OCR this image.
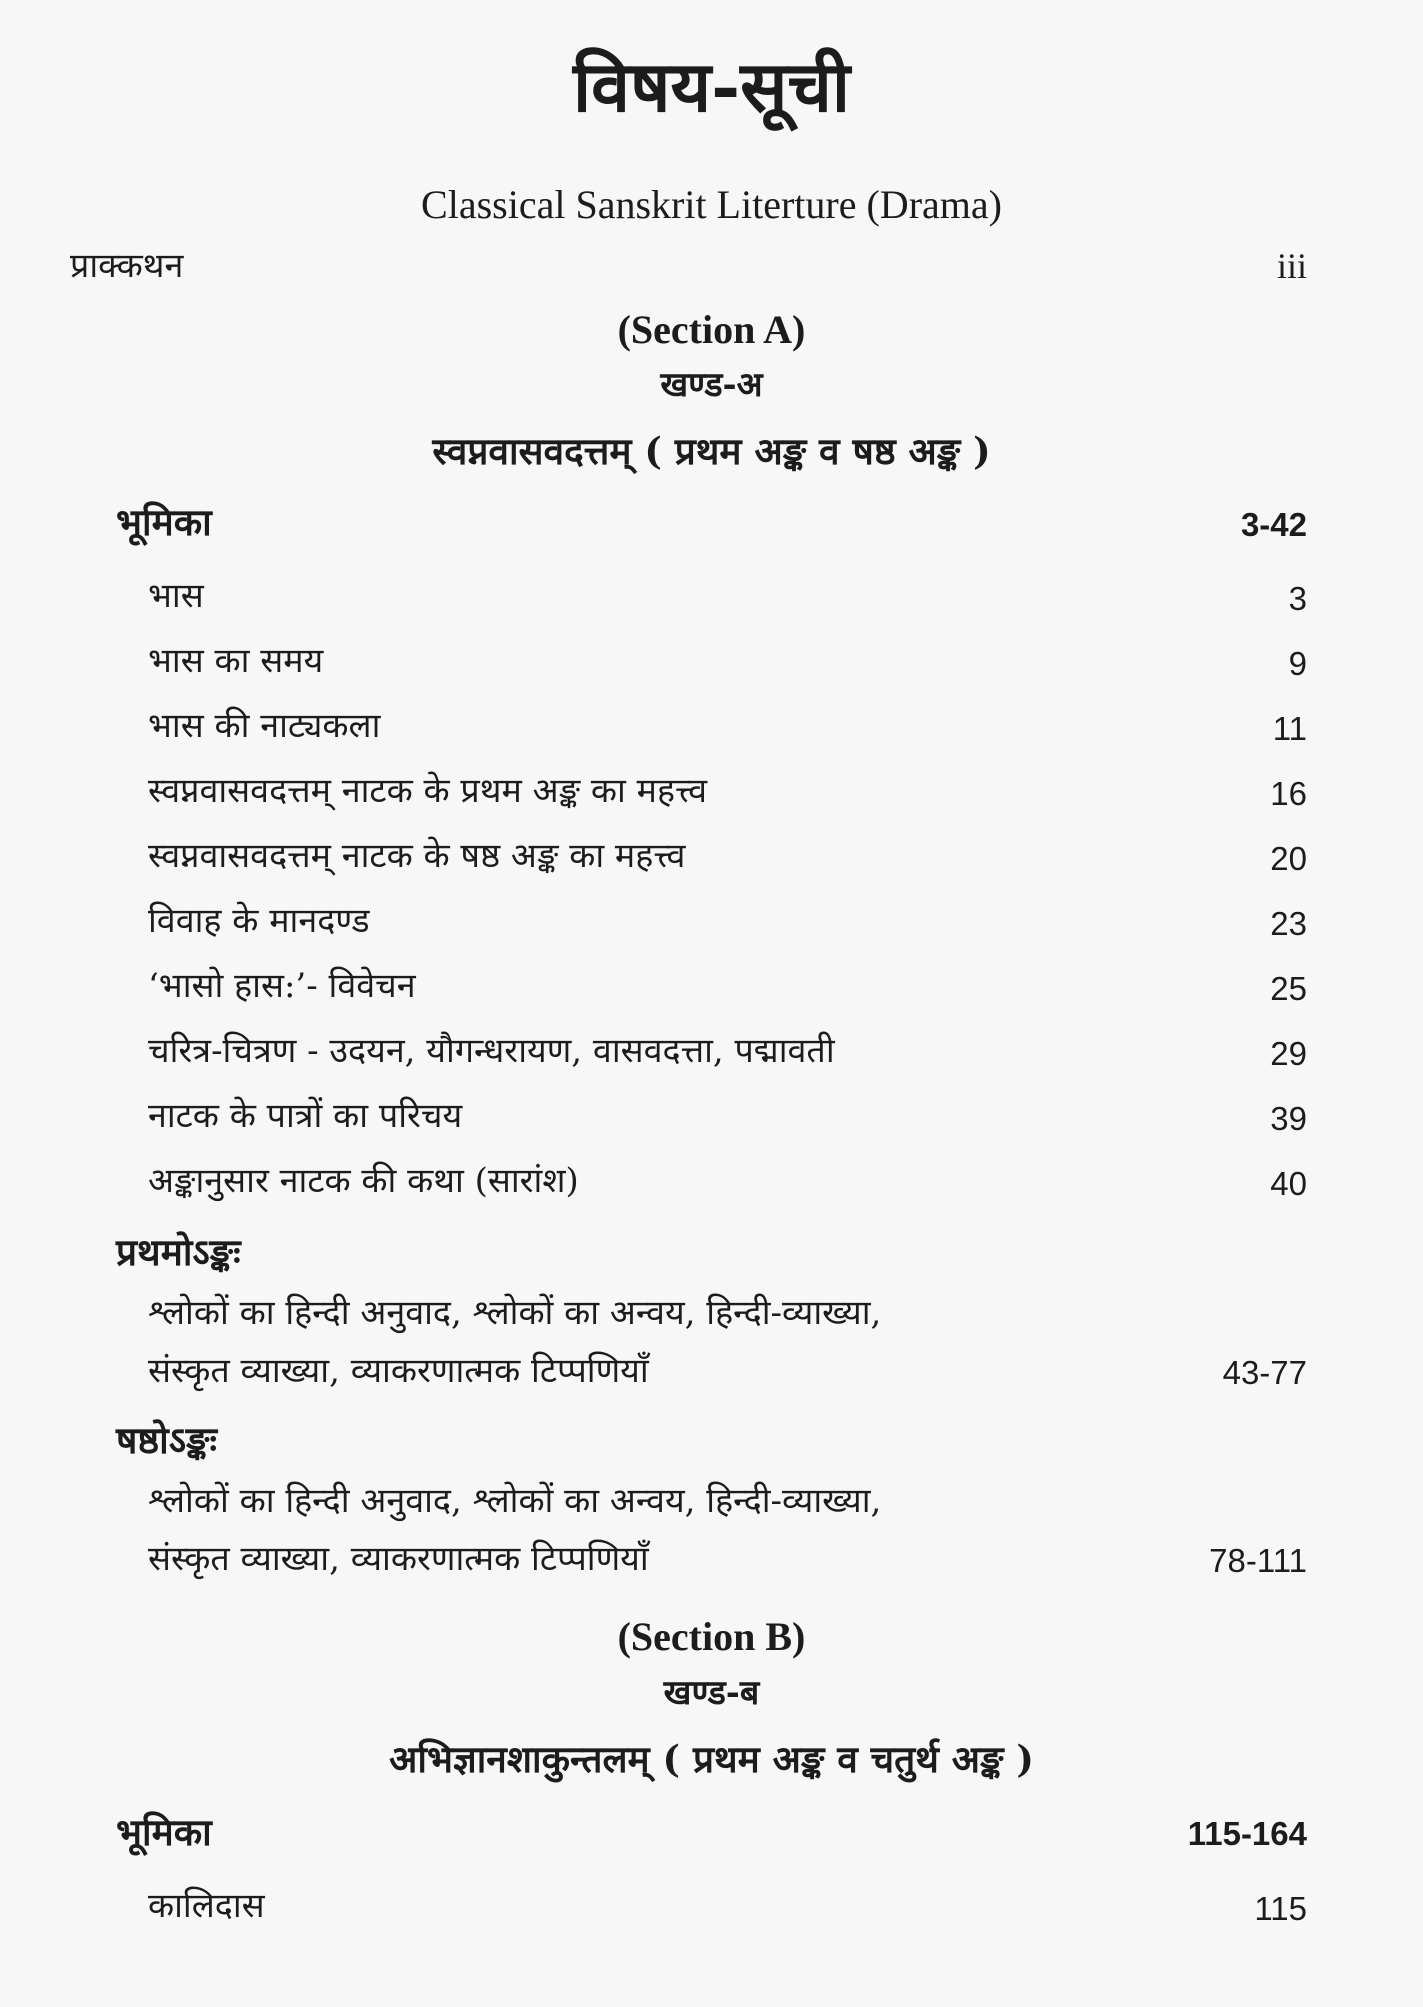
विषय-सूची
Classical Sanskrit Literture (Drama)
प्राक्कथन	iii
(Section A)
खण्ड-अ
स्वप्नवासवदत्तम् ( प्रथम अङ्क व षष्ठ अङ्क )
भूमिका	3-42
भास	3
भास का समय	9
भास की नाट्यकला	11
स्वप्नवासवदत्तम् नाटक के प्रथम अङ्क का महत्त्व	16
स्वप्नवासवदत्तम् नाटक के षष्ठ अङ्क का महत्त्व	20
विवाह के मानदण्ड	23
‘भासो हास:’- विवेचन	25
चरित्र-चित्रण - उदयन, यौगन्धरायण, वासवदत्ता, पद्मावती	29
नाटक के पात्रों का परिचय	39
अङ्कानुसार नाटक की कथा (सारांश)	40
प्रथमोऽङ्कः
श्लोकों का हिन्दी अनुवाद, श्लोकों का अन्वय, हिन्दी-व्याख्या,
संस्कृत व्याख्या, व्याकरणात्मक टिप्पणियाँ	43-77
षष्ठोऽङ्कः
श्लोकों का हिन्दी अनुवाद, श्लोकों का अन्वय, हिन्दी-व्याख्या,
संस्कृत व्याख्या, व्याकरणात्मक टिप्पणियाँ	78-111
(Section B)
खण्ड-ब
अभिज्ञानशाकुन्तलम् ( प्रथम अङ्क व चतुर्थ अङ्क )
भूमिका	115-164
कालिदास	115
